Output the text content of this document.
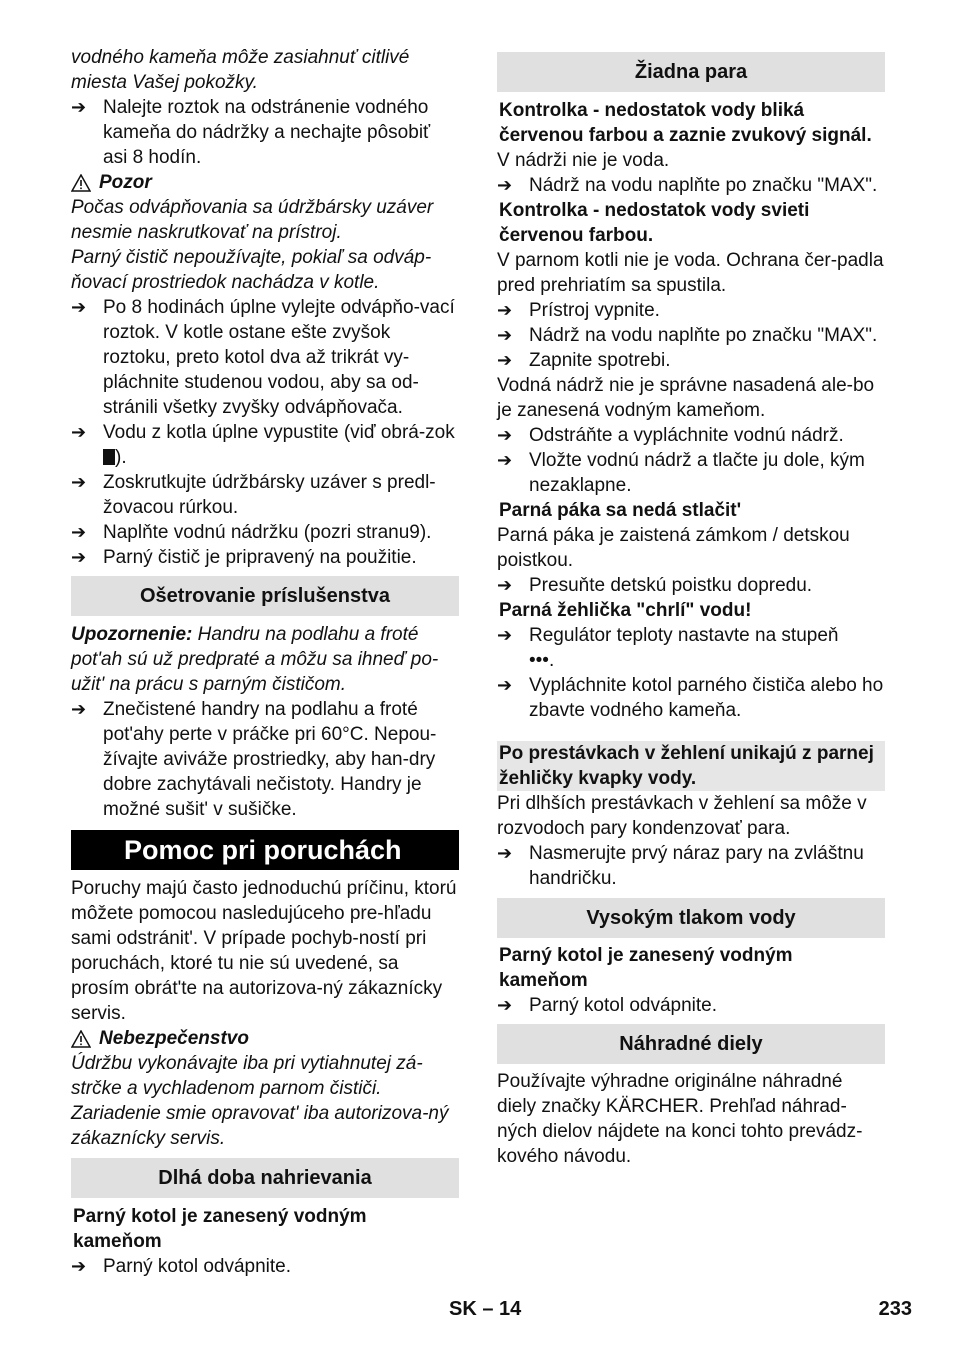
vodného kameňa môže zasiahnuť citlivé miesta Vašej pokožky.

➔ Nalejte roztok na odstránenie vodného kameňa do nádržky a nechajte pôsobiť asi 8 hodín.
Pozor

Počas odvápňovania sa údržbársky uzáver nesmie naskrutkovať na prístroj.

Parný čistič nepoužívajte, pokiaľ sa odváp-ňovací prostriedok nachádza v kotle.

➔ Po 8 hodinách úplne vylejte odvápňo-vací roztok. V kotle ostane ešte zvyšok roztoku, preto kotol dva až trikrát vy-pláchnite studenou vodou, aby sa od-stránili všetky zvyšky odvápňovača.
➔ Vodu z kotla úplne vypustite (viď obrá-zok ).
➔ Zoskrutkujte údržbársky uzáver s predl-žovacou rúrkou.
➔ Naplňte vodnú nádržku (pozri stranu9).
➔ Parný čistič je pripravený na použitie.
Ošetrovanie príslušenstva

Upozornenie: Handru na podlahu a froté pot'ah sú už predpraté a môžu sa ihneď po-užit' na prácu s parným čističom.

➔ Znečistené handry na podlahu a froté pot'ahy perte v práčke pri 60°C. Nepou-žívajte aviváže prostriedky, aby han-dry dobre zachytávali nečistoty. Handry je možné sušit' v sušičke.
Pomoc pri poruchách

Poruchy majú často jednoduchú príčinu, ktorú môžete pomocou nasledujúceho pre-hľadu sami odstránit'. V prípade pochyb-ností pri poruchách, ktoré tu nie sú uvedené, sa prosím obrát'te na autorizova-ný zákaznícky servis.

Nebezpečenstvo

Údržbu vykonávajte iba pri vytiahnutej zá-strčke a vychladenom parnom čističi.

Zariadenie smie opravovat' iba autorizova-ný zákaznícky servis.

Dlhá doba nahrievania

Parný kotol je zanesený vodným kameňom

➔ Parný kotol odvápnite.
Žiadna para

Kontrolka - nedostatok vody bliká červenou farbou a zaznie zvukový signál.

V nádrži nie je voda.

➔ Nádrž na vodu naplňte po značku "MAX".

Kontrolka - nedostatok vody svieti červenou farbou.

V parnom kotli nie je voda. Ochrana čer-padla pred prehriatím sa spustila.

➔ Prístroj vypnite.
➔ Nádrž na vodu naplňte po značku "MAX".
➔ Zapnite spotrebi.

Vodná nádrž nie je správne nasadená ale-bo je zanesená vodným kameňom.

➔ Odstráňte a vypláchnite vodnú nádrž.
➔ Vložte vodnú nádrž a tlačte ju dole, kým nezaklapne.

Parná páka sa nedá stlačit'

Parná páka je zaistená zámkom / detskou poistkou.

➔ Presuňte detskú poistku dopredu.

Parná žehlička "chrlí" vodu!

➔ Regulátor teploty nastavte na stupeň
•••.
➔ Vypláchnite kotol parného čističa alebo ho zbavte vodného kameňa.

Po prestávkach v žehlení unikajú z parnej žehličky kvapky vody.

Pri dlhších prestávkach v žehlení sa môže v rozvodoch pary kondenzovať para.

➔ Nasmerujte prvý náraz pary na zvláštnu handričku.
Vysokým tlakom vody

Parný kotol je zanesený vodným kameňom

➔ Parný kotol odvápnite.
Náhradné diely

Používajte výhradne originálne náhradné diely značky KÄRCHER. Prehľad náhrad-ných dielov nájdete na konci tohto prevádz-kového návodu.

SK – 14	233
